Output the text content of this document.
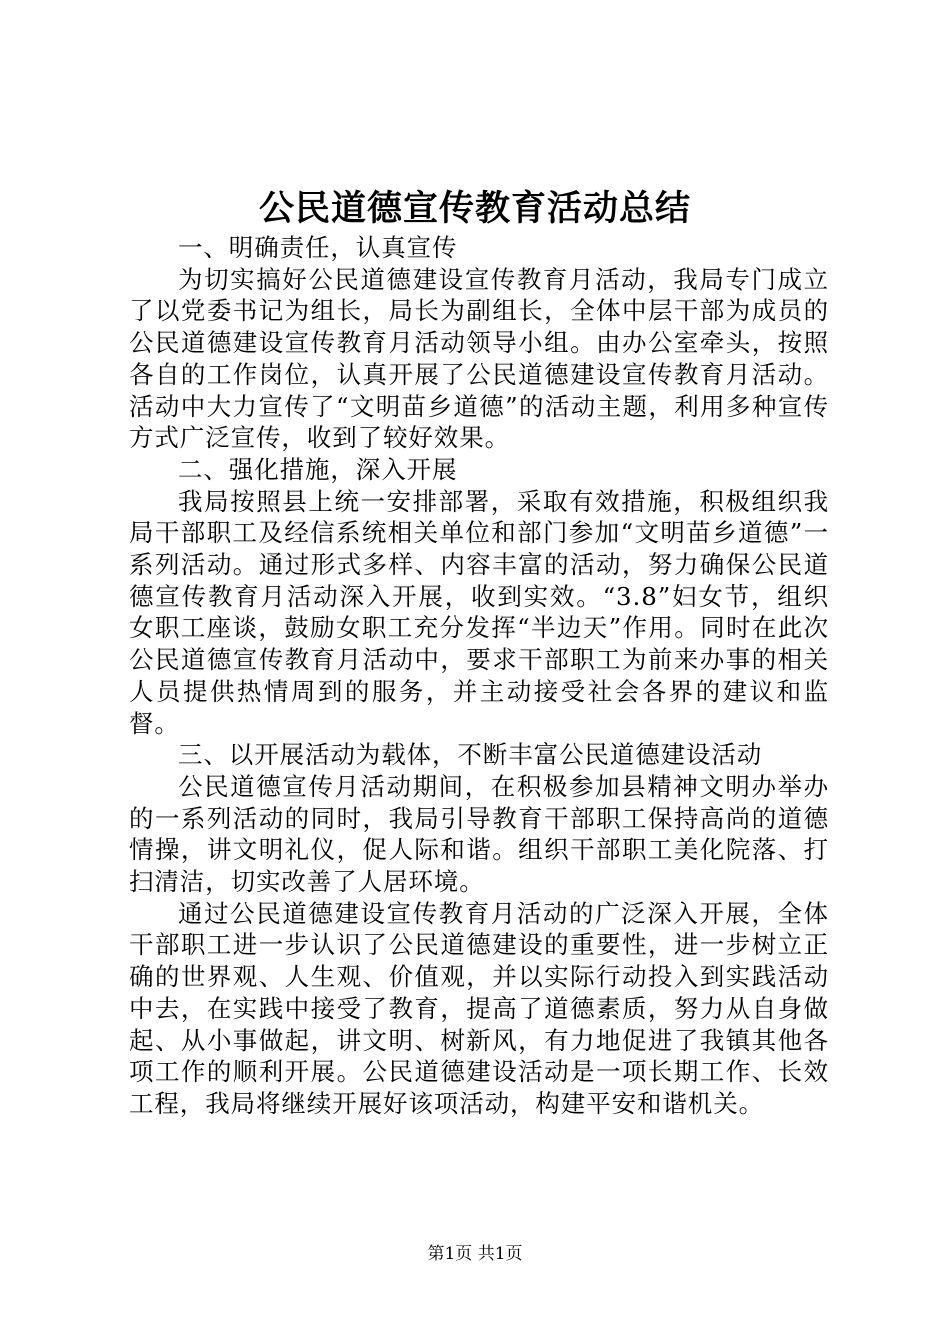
公民道德宣传教育活动总结

一、明确责任，认真宣传

为切实搞好公民道德建设宣传教育月活动，我局专门成立了以党委书记为组长，局长为副组长，全体中层干部为成员的公民道德建设宣传教育月活动领导小组。由办公室牵头，按照各自的工作岗位，认真开展了公民道德建设宣传教育月活动。活动中大力宣传了“文明苗乡道德”的活动主题，利用多种宣传方式广泛宣传，收到了较好效果。

二、强化措施，深入开展

我局按照县上统一安排部署，采取有效措施，积极组织我局干部职工及经信系统相关单位和部门参加“文明苗乡道德”一系列活动。通过形式多样、内容丰富的活动，努力确保公民道德宣传教育月活动深入开展，收到实效。“3.8”妇女节，组织女职工座谈，鼓励女职工充分发挥“半边天”作用。同时在此次公民道德宣传教育月活动中，要求干部职工为前来办事的相关人员提供热情周到的服务，并主动接受社会各界的建议和监督。

三、以开展活动为载体，不断丰富公民道德建设活动

公民道德宣传月活动期间，在积极参加县精神文明办举办的一系列活动的同时，我局引导教育干部职工保持高尚的道德情操，讲文明礼仪，促人际和谐。组织干部职工美化院落、打扫清洁，切实改善了人居环境。

通过公民道德建设宣传教育月活动的广泛深入开展，全体干部职工进一步认识了公民道德建设的重要性，进一步树立正确的世界观、人生观、价值观，并以实际行动投入到实践活动中去，在实践中接受了教育，提高了道德素质，努力从自身做起、从小事做起，讲文明、树新风，有力地促进了我镇其他各项工作的顺利开展。公民道德建设活动是一项长期工作、长效工程，我局将继续开展好该项活动，构建平安和谐机关。

第1页 共1页
